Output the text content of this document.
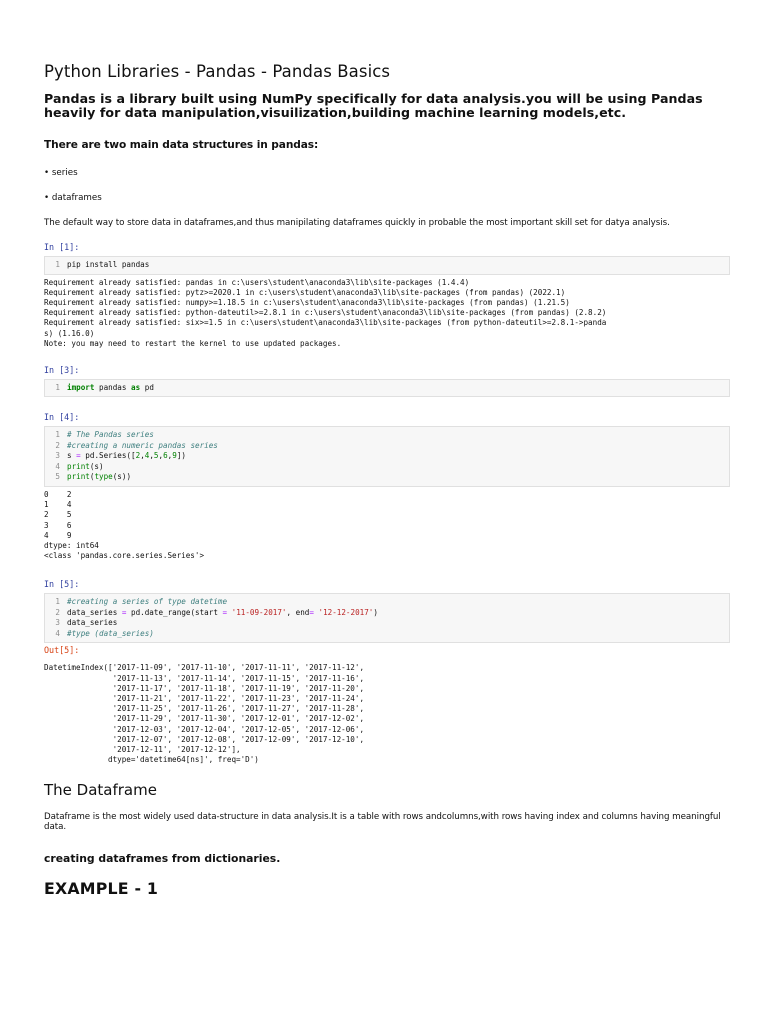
Python Libraries - Pandas - Pandas Basics
Pandas is a library built using NumPy specifically for data analysis.you will be using Pandas heavily for data manipulation,visuilization,building machine learning models,etc.
There are two main data structures in pandas:

• series

• dataframes

The default way to store data in dataframes,and thus manipilating dataframes quickly in probable the most important skill set for datya analysis.

In [1]:

1 pip install pandas
Requirement already satisfied: pandas in c:\users\student\anaconda3\lib\site-packages (1.4.4)
Requirement already satisfied: pytz>=2020.1 in c:\users\student\anaconda3\lib\site-packages (from pandas) (2022.1)
Requirement already satisfied: numpy>=1.18.5 in c:\users\student\anaconda3\lib\site-packages (from pandas) (1.21.5)
Requirement already satisfied: python-dateutil>=2.8.1 in c:\users\student\anaconda3\lib\site-packages (from pandas) (2.8.2)
Requirement already satisfied: six>=1.5 in c:\users\student\anaconda3\lib\site-packages (from python-dateutil>=2.8.1->panda
s) (1.16.0)
Note: you may need to restart the kernel to use updated packages.

In [3]:

1 import pandas as pd

In [4]:

1 # The Pandas series
2 #creating a numeric pandas series
3 s = pd.Series([2,4,5,6,9])
4 print(s)
5 print(type(s))
0    2
1    4
2    5
3    6
4    9
dtype: int64
<class 'pandas.core.series.Series'>

In [5]:

1 #creating a series of type datetime
2 data_series = pd.date_range(start = '11-09-2017', end= '12-12-2017')
3 data_series
4 #type (data_series)

Out[5]:

DatetimeIndex(['2017-11-09', '2017-11-10', '2017-11-11', '2017-11-12',
'2017-11-13', '2017-11-14', '2017-11-15', '2017-11-16',
'2017-11-17', '2017-11-18', '2017-11-19', '2017-11-20',
'2017-11-21', '2017-11-22', '2017-11-23', '2017-11-24',
'2017-11-25', '2017-11-26', '2017-11-27', '2017-11-28',
'2017-11-29', '2017-11-30', '2017-12-01', '2017-12-02',
'2017-12-03', '2017-12-04', '2017-12-05', '2017-12-06',
'2017-12-07', '2017-12-08', '2017-12-09', '2017-12-10',
'2017-12-11', '2017-12-12'],
dtype='datetime64[ns]', freq='D')
The Dataframe

Dataframe is the most widely used data-structure in data analysis.It is a table with rows andcolumns,with rows having index and columns having meaningful data.

creating dataframes from dictionaries.
EXAMPLE - 1
